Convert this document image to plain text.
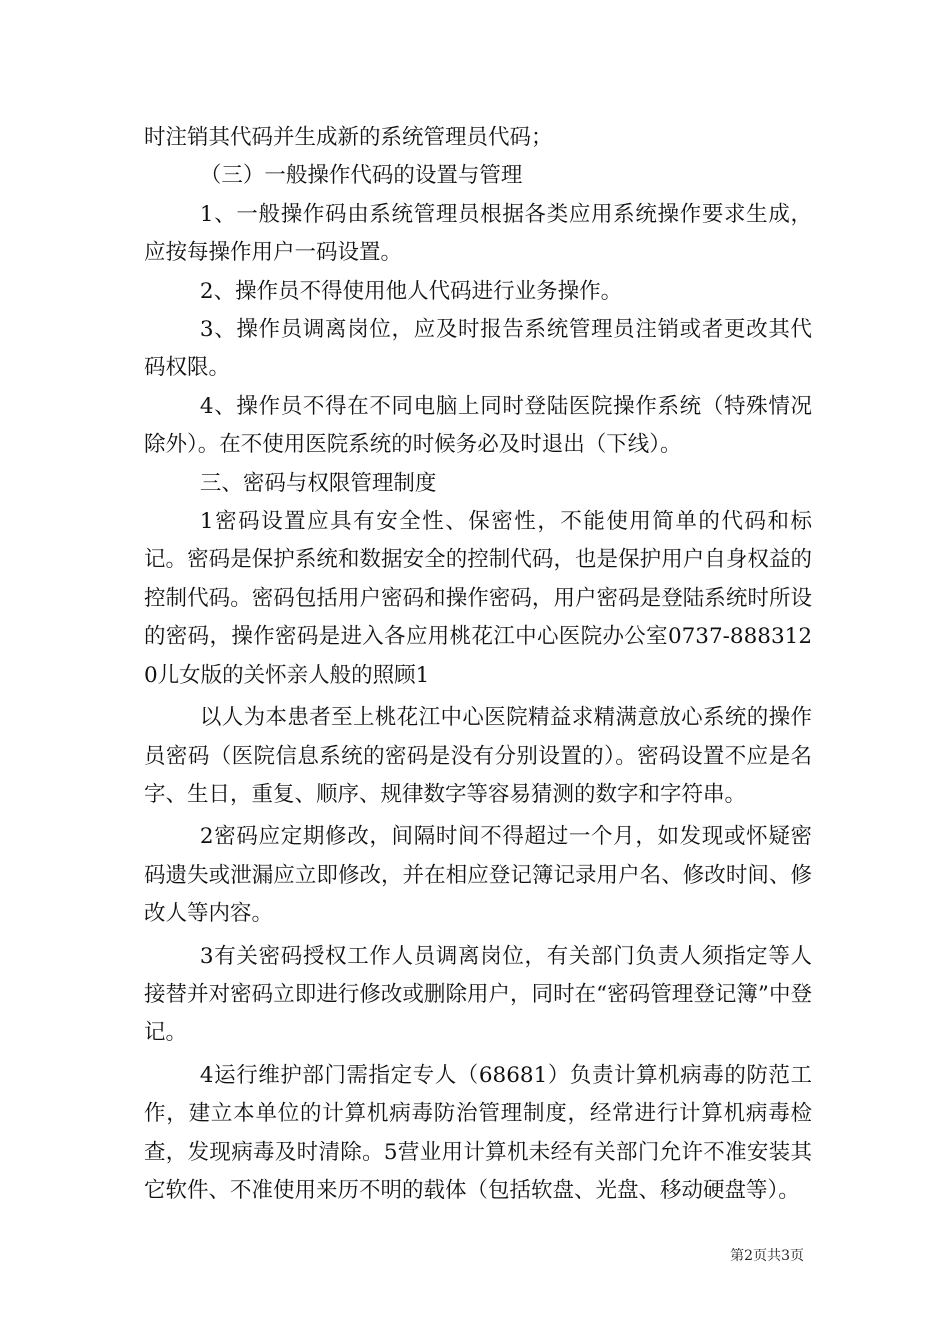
时注销其代码并生成新的系统管理员代码；

（三）一般操作代码的设置与管理

1、一般操作码由系统管理员根据各类应用系统操作要求生成，应按每操作用户一码设置。

2、操作员不得使用他人代码进行业务操作。

3、操作员调离岗位，应及时报告系统管理员注销或者更改其代码权限。

4、操作员不得在不同电脑上同时登陆医院操作系统（特殊情况除外）。在不使用医院系统的时候务必及时退出（下线）。

三、密码与权限管理制度

1密码设置应具有安全性、保密性，不能使用简单的代码和标记。密码是保护系统和数据安全的控制代码，也是保护用户自身权益的控制代码。密码包括用户密码和操作密码，用户密码是登陆系统时所设的密码，操作密码是进入各应用桃花江中心医院办公室0737-8883120儿女版的关怀亲人般的照顾1

以人为本患者至上桃花江中心医院精益求精满意放心系统的操作员密码（医院信息系统的密码是没有分别设置的）。密码设置不应是名字、生日，重复、顺序、规律数字等容易猜测的数字和字符串。

2密码应定期修改，间隔时间不得超过一个月，如发现或怀疑密码遗失或泄漏应立即修改，并在相应登记簿记录用户名、修改时间、修改人等内容。

3有关密码授权工作人员调离岗位，有关部门负责人须指定等人接替并对密码立即进行修改或删除用户，同时在“密码管理登记簿”中登记。

4运行维护部门需指定专人（68681）负责计算机病毒的防范工作，建立本单位的计算机病毒防治管理制度，经常进行计算机病毒检查，发现病毒及时清除。5营业用计算机未经有关部门允许不准安装其它软件、不准使用来历不明的载体（包括软盘、光盘、移动硬盘等）。

第2页共3页
